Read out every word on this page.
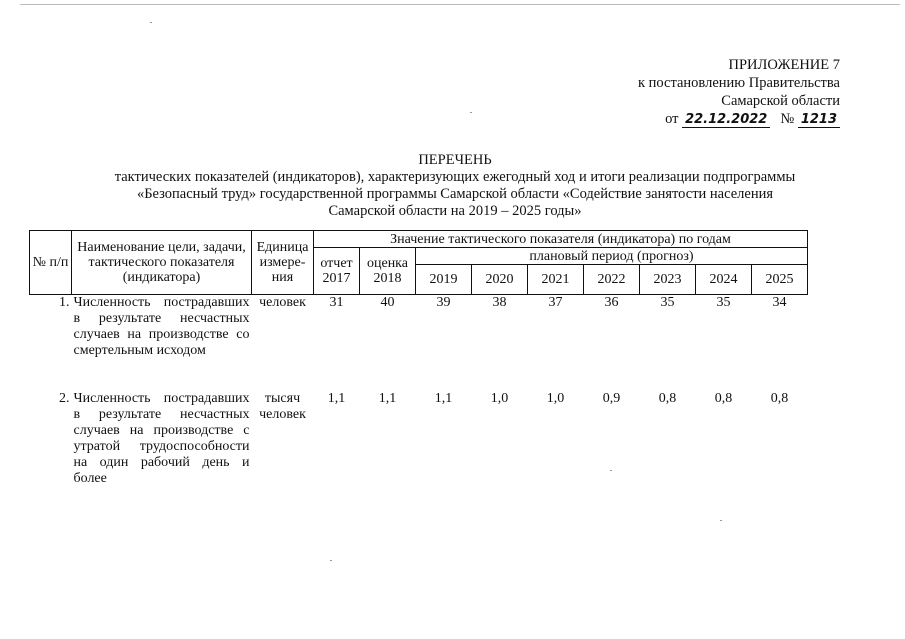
ПРИЛОЖЕНИЕ 7
к постановлению Правительства
Самарской области
от 22.12.2022 № 1213
ПЕРЕЧЕНЬ
тактических показателей (индикаторов), характеризующих ежегодный ход и итоги реализации подпрограммы
«Безопасный труд» государственной программы Самарской области «Содействие занятости населения
Самарской области на 2019 – 2025 годы»
№ п/п	Наименование цели, задачи, тактического показателя (индикатора)	Единица измере-ния	Значение тактического показателя (индикатора) по годам								
			отчет 2017	оценка 2018	плановый период (прогноз)						
					2019	2020	2021	2022	2023	2024	2025
1.	Численность пострадавших в результате несчастных случаев на производстве со смертельным исходом	человек	31	40	39	38	37	36	35	35	34
2.	Численность пострадавших в результате несчастных случаев на производстве с утратой трудоспособности на один рабочий день и более	тысяч человек	1,1	1,1	1,1	1,0	1,0	0,9	0,8	0,8	0,8
